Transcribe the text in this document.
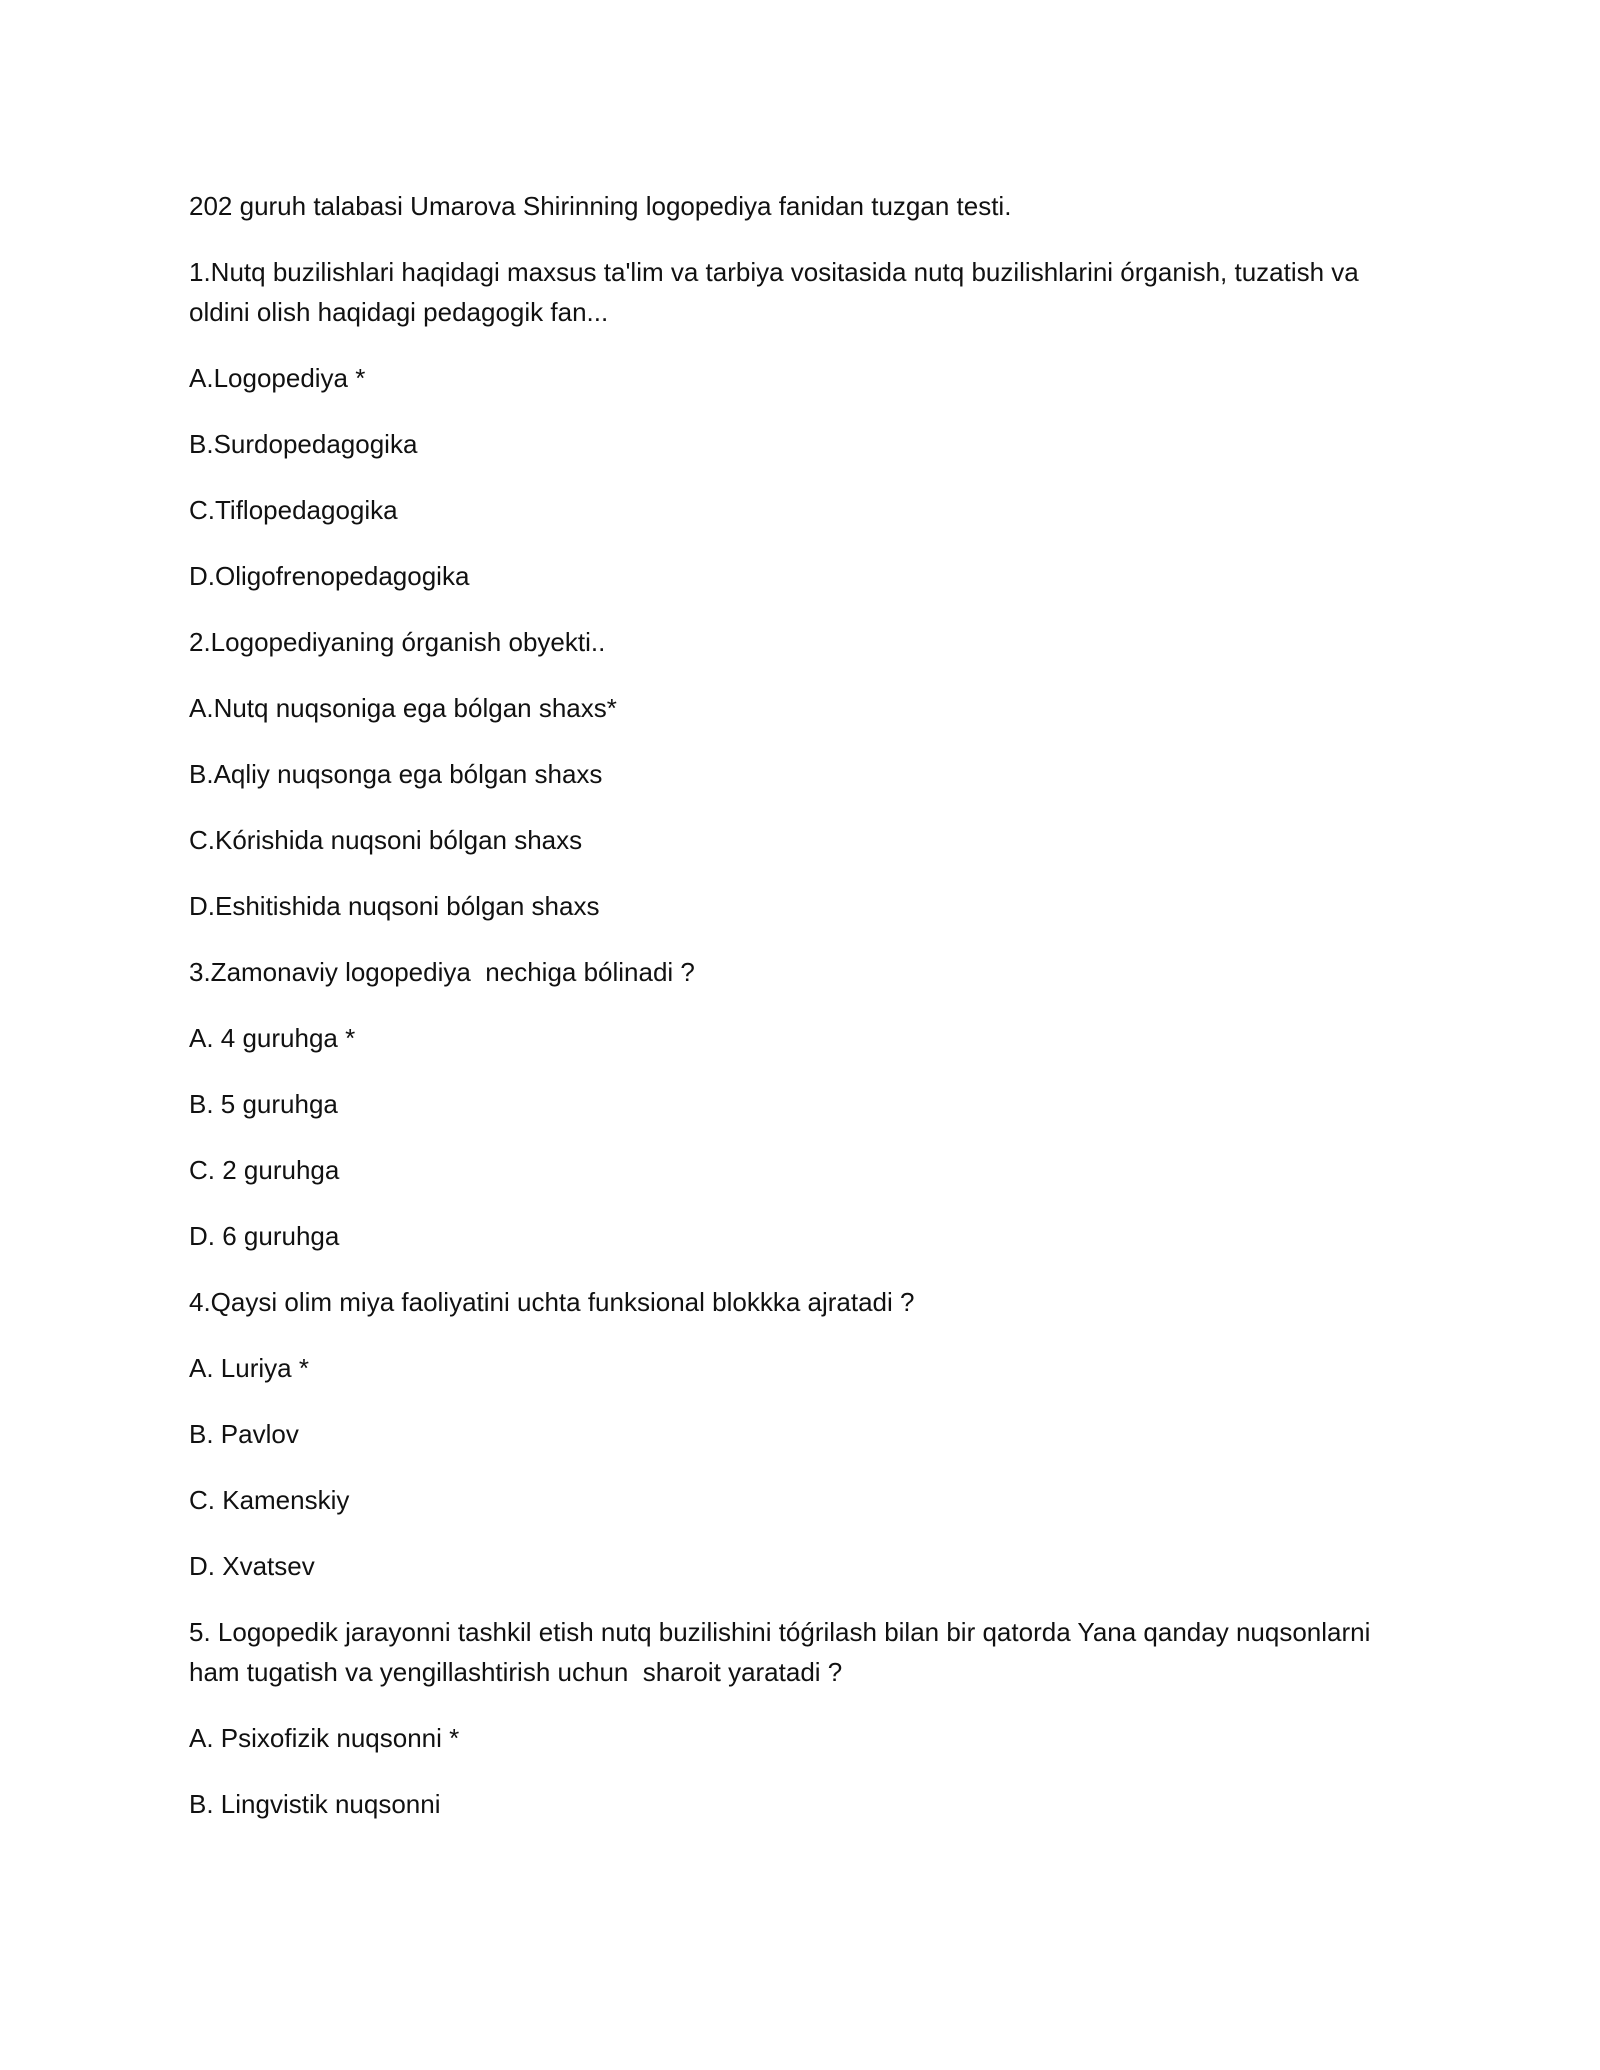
202 guruh talabasi Umarova Shirinning logopediya fanidan tuzgan testi.

1.Nutq buzilishlari haqidagi maxsus ta'lim va tarbiya vositasida nutq buzilishlarini órganish, tuzatish va oldini olish haqidagi pedagogik fan...

A.Logopediya *

B.Surdopedagogika

C.Tiflopedagogika

D.Oligofrenopedagogika

2.Logopediyaning órganish obyekti..

A.Nutq nuqsoniga ega bólgan shaxs*

B.Aqliy nuqsonga ega bólgan shaxs

C.Kórishida nuqsoni bólgan shaxs

D.Eshitishida nuqsoni bólgan shaxs

3.Zamonaviy logopediya  nechiga bólinadi ?

A. 4 guruhga *

B. 5 guruhga

C. 2 guruhga

D. 6 guruhga

4.Qaysi olim miya faoliyatini uchta funksional blokkka ajratadi ?

A. Luriya *

B. Pavlov

C. Kamenskiy

D. Xvatsev

5. Logopedik jarayonni tashkil etish nutq buzilishini tóǵrilash bilan bir qatorda Yana qanday nuqsonlarni ham tugatish va yengillashtirish uchun  sharoit yaratadi ?

A. Psixofizik nuqsonni *

B. Lingvistik nuqsonni
